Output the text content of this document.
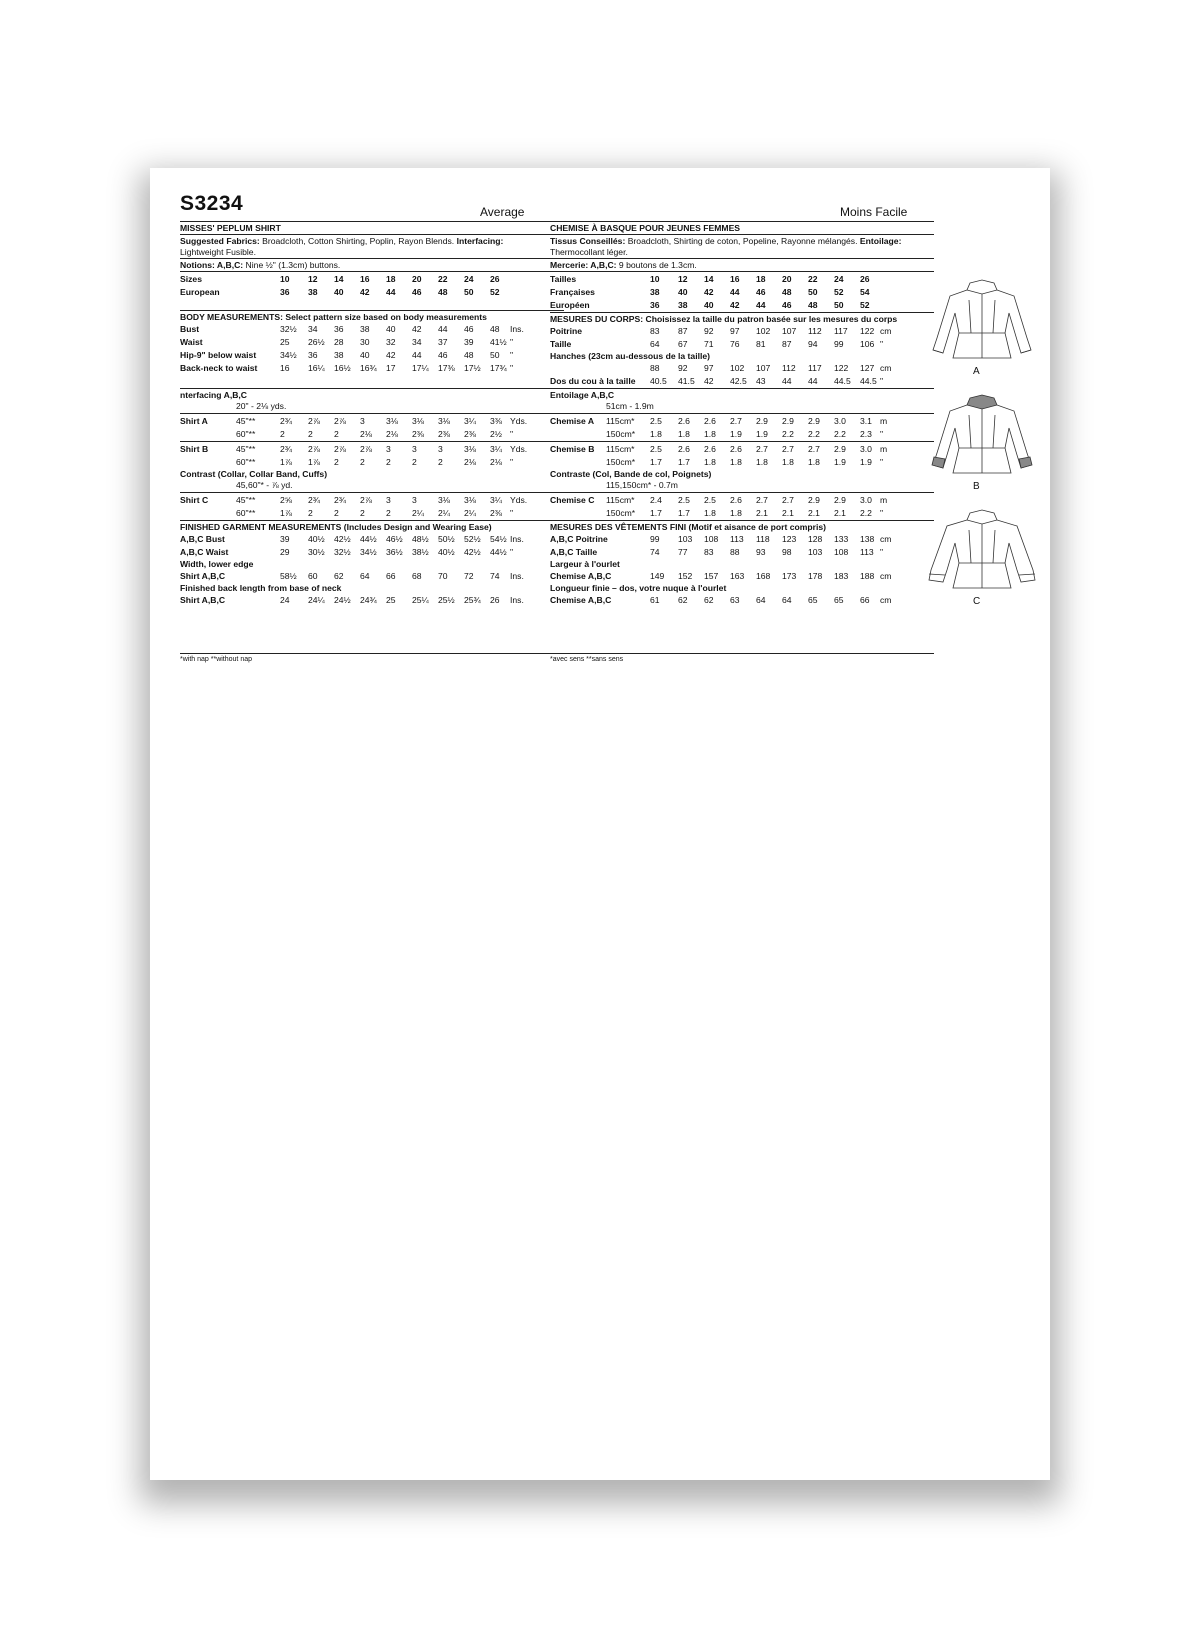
S3234	Average	Moins Facile
MISSES' PEPLUM SHIRT
Suggested Fabrics: Broadcloth, Cotton Shirting, Poplin, Rayon Blends. Interfacing:
Lightweight Fusible.
Notions: A,B,C: Nine ½" (1.3cm) buttons.
Sizes	10 12 14 16 18 20 22 24 26
European	36 38 40 42 44 46 48 50 52
BODY MEASUREMENTS: Select pattern size based on body measurements
Bust	32½ 34 36 38 40 42 44 46 48 Ins.
Waist	25 26½ 28 30 32 34 37 39 41½ "
Hip-9" below waist	34½ 36 38 40 42 44 46 48 50 "
Back-neck to waist	16 16¼ 16½ 16¾ 17 17¼ 17⅜ 17½ 17¾ "
nterfacing A,B,C
20" - 2⅛ yds.
Shirt A	45"**	2¾ 2⅞ 2⅞ 3 3⅛ 3⅛ 3⅛ 3¼ 3⅜ Yds.
60"**	2	2 2 2⅛ 2⅛ 2⅜ 2⅜ 2⅜ 2½ "
Shirt B	45"**	2¾ 2⅞ 2⅞ 2⅞ 3 3 3 3⅛ 3¼ Yds.
60"**	1⅞ 1⅞ 2 2 2 2 2 2⅛ 2⅛ "
Contrast (Collar, Collar Band, Cuffs)
45,60"* - ⅞ yd.
Shirt C	45"**	2⅝ 2¾ 2¾ 2⅞ 3 3 3⅛ 3⅛ 3¼ Yds.
60"**	1⅞ 2 2 2 2 2¼ 2¼ 2¼ 2⅜ "
FINISHED GARMENT MEASUREMENTS (Includes Design and Wearing Ease)
A,B,C Bust	39 40½ 42½ 44½ 46½ 48½ 50½ 52½ 54½ Ins.
A,B,C Waist	29 30½ 32½ 34½ 36½ 38½ 40½ 42½ 44½ "
Width, lower edge
Shirt A,B,C	58½ 60 62 64 66 68 70 72 74 Ins.
Finished back length from base of neck
Shirt A,B,C	24 24¼ 24½ 24¾ 25 25¼ 25½ 25¾ 26 Ins.
*with nap **without nap
CHEMISE À BASQUE POUR JEUNES FEMMES
Tissus Conseillés: Broadcloth, Shirting de coton, Popeline, Rayonne mélangés. Entoilage:
Thermocollant léger.
Mercerie: A,B,C: 9 boutons de 1.3cm.
Tailles	10 12 14 16 18 20 22 24 26
Françaises	38 40 42 44 46 48 50 52 54
Européen	36 38 40 42 44 46 48 50 52
MESURES DU CORPS: Choisissez la taille du patron basée sur les mesures du corps
Poitrine	83 87 92 97 102 107 112 117 122 cm
Taille	64 67 71 76 81 87 94 99 106 "
Hanches (23cm au-dessous de la taille)
88 92 97 102 107 112 117 122 127 cm
Dos du cou à la taille 40.5 41.5 42 42.5 43 44 44 44.5 44.5 "
Entoilage A,B,C
51cm - 1.9m
Chemise A 115cm* 2.5 2.6 2.6 2.7 2.9 2.9 2.9 3.0 3.1 m
150cm* 1.8 1.8 1.8 1.9 1.9 2.2 2.2 2.2 2.3 "
Chemise B 115cm* 2.5 2.6 2.6 2.6 2.7 2.7 2.7 2.9 3.0 m
150cm* 1.7 1.7 1.8 1.8 1.8 1.8 1.8 1.9 1.9 "
Contraste (Col, Bande de col, Poignets)
115,150cm* - 0.7m
Chemise C 115cm* 2.4 2.5 2.5 2.6 2.7 2.7 2.9 2.9 3.0 m
150cm* 1.7 1.7 1.8 1.8 2.1 2.1 2.1 2.1 2.2 "
MESURES DES VÊTEMENTS FINI (Motif et aisance de port compris)
A,B,C Poitrine	99 103 108 113 118 123 128 133 138 cm
A,B,C Taille	74 77 83 88 93 98 103 108 113 "
Largeur à l'ourlet
Chemise A,B,C	149 152 157 163 168 173 178 183 188 cm
Longueur finie – dos, votre nuque à l'ourlet
Chemise A,B,C	61 62 62 63 64 64 65 65 66 cm
*avec sens **sans sens
A
B
C
